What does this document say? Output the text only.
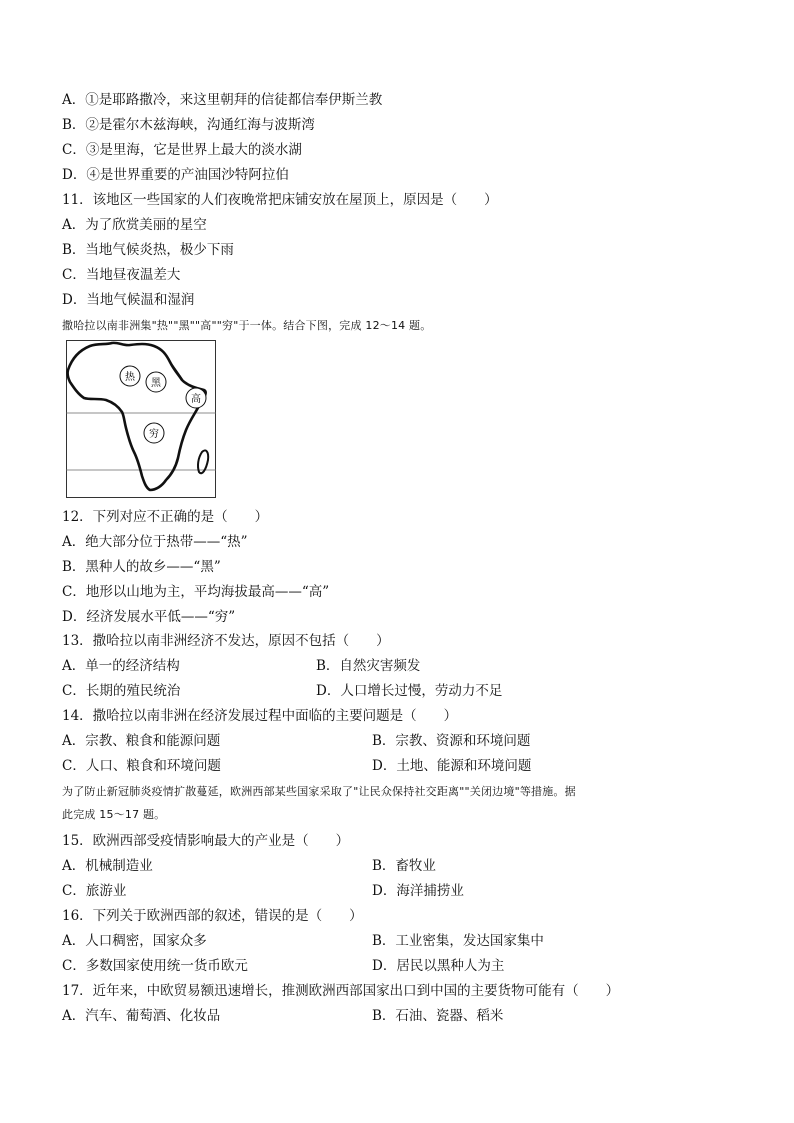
A．①是耶路撒冷，来这里朝拜的信徒都信奉伊斯兰教
B．②是霍尔木兹海峡，沟通红海与波斯湾
C．③是里海，它是世界上最大的淡水湖
D．④是世界重要的产油国沙特阿拉伯
11．该地区一些国家的人们夜晚常把床铺安放在屋顶上，原因是（　　）
A．为了欣赏美丽的星空
B．当地气候炎热，极少下雨
C．当地昼夜温差大
D．当地气候温和湿润
撒哈拉以南非洲集"热""黑""高""穷"于一体。结合下图，完成 12～14 题。
热
黑
高
穷
12．下列对应不正确的是（　　）
A．绝大部分位于热带——“热”
B．黑种人的故乡——“黑”
C．地形以山地为主，平均海拔最高——“高”
D．经济发展水平低——“穷”
13．撒哈拉以南非洲经济不发达，原因不包括（　　）
A．单一的经济结构	B．自然灾害频发
C．长期的殖民统治	D．人口增长过慢，劳动力不足
14．撒哈拉以南非洲在经济发展过程中面临的主要问题是（　　）
A．宗教、粮食和能源问题	B．宗教、资源和环境问题
C．人口、粮食和环境问题	D．土地、能源和环境问题
为了防止新冠肺炎疫情扩散蔓延，欧洲西部某些国家采取了"让民众保持社交距离""关闭边境"等措施。据
此完成 15～17 题。
15．欧洲西部受疫情影响最大的产业是（　　）
A．机械制造业	B．畜牧业
C．旅游业	D．海洋捕捞业
16．下列关于欧洲西部的叙述，错误的是（　　）
A．人口稠密，国家众多	B．工业密集，发达国家集中
C．多数国家使用统一货币欧元	D．居民以黑种人为主
17．近年来，中欧贸易额迅速增长，推测欧洲西部国家出口到中国的主要货物可能有（　　）
A．汽车、葡萄酒、化妆品	B．石油、瓷器、稻米
